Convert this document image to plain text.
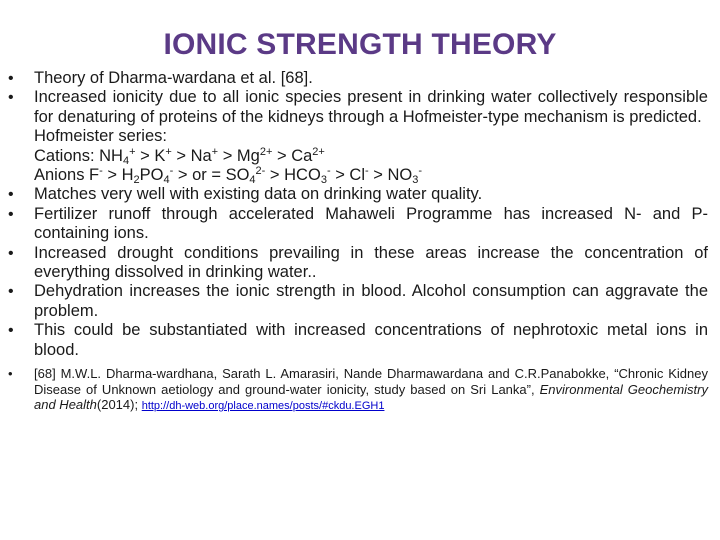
IONIC STRENGTH THEORY
• Theory of Dharma-wardana et al. [68].
• Increased ionicity due to all ionic species present in drinking water collectively responsible for denaturing of proteins of the kidneys through a Hofmeister-type mechanism is predicted.
Hofmeister series:
Cations: $NH_4^+ > K^+ > Na^+ > Mg^{2+} > Ca^{2+}$
Anions $F^- > H_2PO_4^-$ > or = $SO_4^{2-} > HCO_3^- > Cl^- > NO_3^-$
• Matches very well with existing data on drinking water quality.
• Fertilizer runoff through accelerated Mahaweli Programme has increased N- and P-containing ions.
• Increased drought conditions prevailing in these areas increase the concentration of everything dissolved in drinking water..
• Dehydration increases the ionic strength in blood. Alcohol consumption can aggravate the problem.
• This could be substantiated with increased concentrations of nephrotoxic metal ions in blood.
• [68] M.W.L. Dharma-wardhana, Sarath L. Amarasiri, Nande Dharmawardana and C.R.Panabokke, “Chronic Kidney Disease of Unknown aetiology and ground-water ionicity, study based on Sri Lanka”, Environmental Geochemistry and Health(2014); http://dh-web.org/place.names/posts/#ckdu.EGH1
